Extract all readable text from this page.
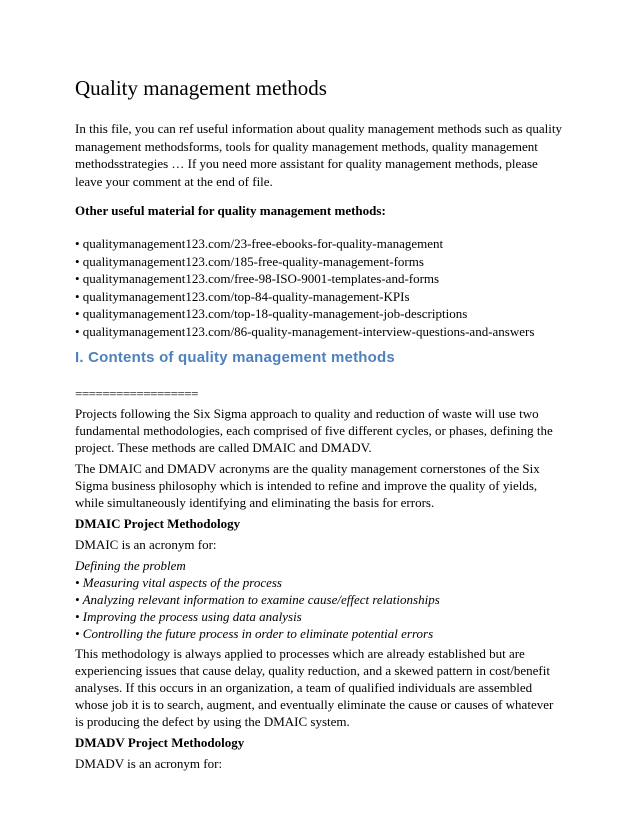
Quality management methods
In this file, you can ref useful information about quality management methods such as quality management methodsforms, tools for quality management methods, quality management methodsstrategies … If you need more assistant for quality management methods, please leave your comment at the end of file.
Other useful material for quality management methods:
• qualitymanagement123.com/23-free-ebooks-for-quality-management
• qualitymanagement123.com/185-free-quality-management-forms
• qualitymanagement123.com/free-98-ISO-9001-templates-and-forms
• qualitymanagement123.com/top-84-quality-management-KPIs
• qualitymanagement123.com/top-18-quality-management-job-descriptions
• qualitymanagement123.com/86-quality-management-interview-questions-and-answers
I. Contents of quality management methods
==================

Projects following the Six Sigma approach to quality and reduction of waste will use two fundamental methodologies, each comprised of five different cycles, or phases, defining the project. These methods are called DMAIC and DMADV.

The DMAIC and DMADV acronyms are the quality management cornerstones of the Six Sigma business philosophy which is intended to refine and improve the quality of yields, while simultaneously identifying and eliminating the basis for errors.

DMAIC Project Methodology

DMAIC is an acronym for:

Defining the problem
• Measuring vital aspects of the process
• Analyzing relevant information to examine cause/effect relationships
• Improving the process using data analysis
• Controlling the future process in order to eliminate potential errors

This methodology is always applied to processes which are already established but are experiencing issues that cause delay, quality reduction, and a skewed pattern in cost/benefit analyses. If this occurs in an organization, a team of qualified individuals are assembled whose job it is to search, augment, and eventually eliminate the cause or causes of whatever is producing the defect by using the DMAIC system.

DMADV Project Methodology

DMADV is an acronym for:
